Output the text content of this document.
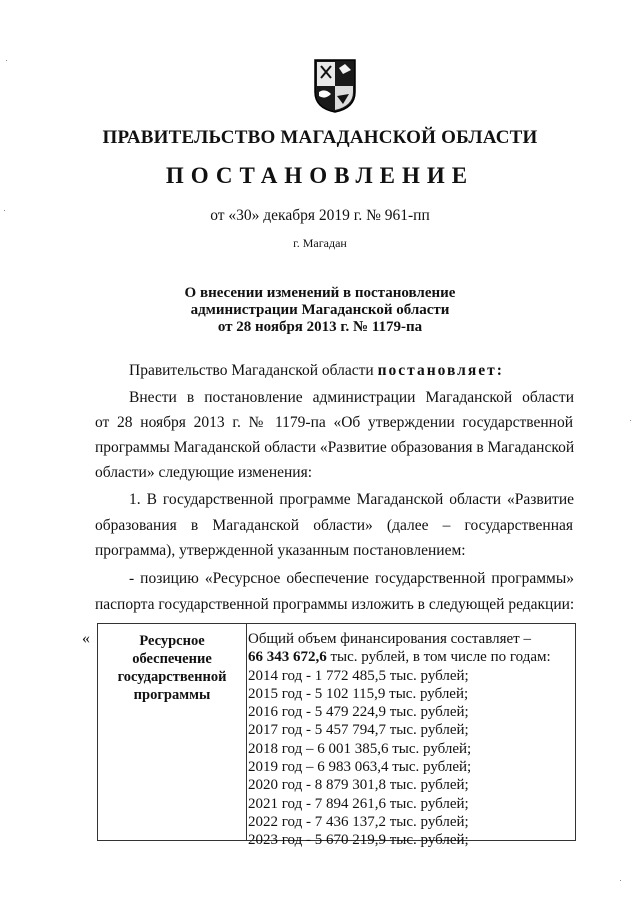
ПРАВИТЕЛЬСТВО МАГАДАНСКОЙ ОБЛАСТИ
ПОСТАНОВЛЕНИЕ
от «30» декабря 2019 г. № 961-пп
г. Магадан
О внесении изменений в постановление
администрации Магаданской области
от 28 ноября 2013 г. № 1179-па
Правительство Магаданской области постановляет:
Внести в постановление администрации Магаданской области
от 28 ноября 2013 г. № 1179-па «Об утверждении государственной
программы Магаданской области «Развитие образования в Магаданской
области» следующие изменения:
1. В государственной программе Магаданской области «Развитие
образования в Магаданской области» (далее – государственная
программа), утвержденной указанным постановлением:
- позицию «Ресурсное обеспечение государственной программы»
паспорта государственной программы изложить в следующей редакции:
«	Ресурсное
обеспечение
государственной
программы
Общий объем финансирования составляет –
66 343 672,6 тыс. рублей, в том числе по годам:
2014 год - 1 772 485,5 тыс. рублей;
2015 год - 5 102 115,9 тыс. рублей;
2016 год - 5 479 224,9 тыс. рублей;
2017 год - 5 457 794,7 тыс. рублей;
2018 год – 6 001 385,6 тыс. рублей;
2019 год – 6 983 063,4 тыс. рублей;
2020 год - 8 879 301,8 тыс. рублей;
2021 год - 7 894 261,6 тыс. рублей;
2022 год - 7 436 137,2 тыс. рублей;
2023 год - 5 670 219,9 тыс. рублей;
